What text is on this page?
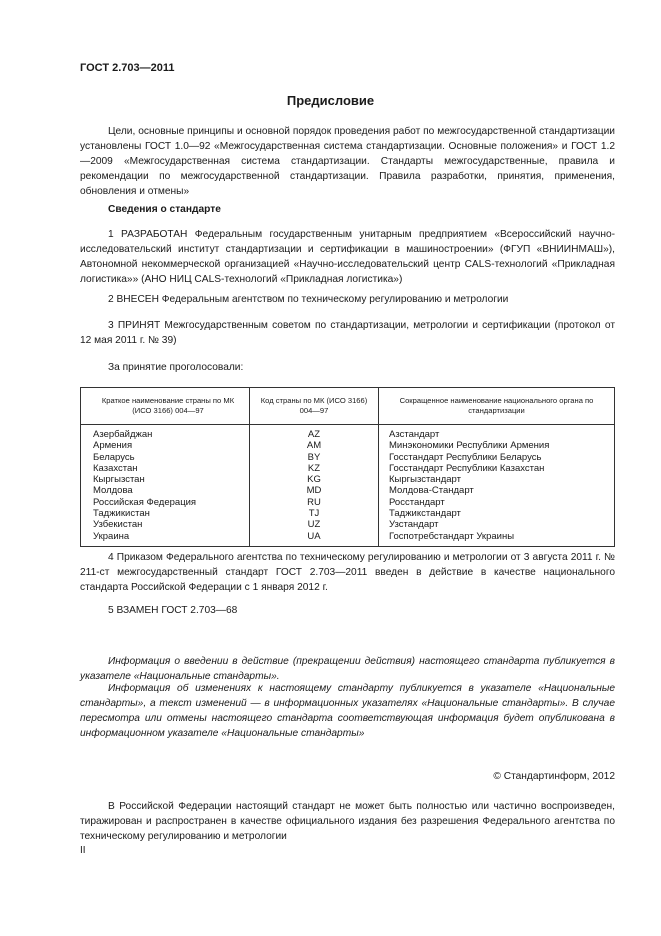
ГОСТ 2.703—2011
Предисловие

Цели, основные принципы и основной порядок проведения работ по межгосударственной стандартизации установлены ГОСТ 1.0—92 «Межгосударственная система стандартизации. Основные положения» и ГОСТ 1.2—2009 «Межгосударственная система стандартизации. Стандарты межгосударственные, правила и рекомендации по межгосударственной стандартизации. Правила разработки, принятия, применения, обновления и отмены»

Сведения о стандарте

1 РАЗРАБОТАН Федеральным государственным унитарным предприятием «Всероссийский научно-исследовательский институт стандартизации и сертификации в машиностроении» (ФГУП «ВНИИНМАШ»), Автономной некоммерческой организацией «Научно-исследовательский центр CALS-технологий «Прикладная логистика»» (АНО НИЦ CALS-технологий «Прикладная логистика»)

2 ВНЕСЕН Федеральным агентством по техническому регулированию и метрологии

3 ПРИНЯТ Межгосударственным советом по стандартизации, метрологии и сертификации (протокол от 12 мая 2011 г. № 39)

За принятие проголосовали:

Краткое наименование страны по МК (ИСО 3166) 004—97	Код страны по МК (ИСО 3166) 004—97	Сокращенное наименование национального органа по стандартизации
Азербайджан	AZ	Азстандарт
Армения	AM	Минэкономики Республики Армения
Беларусь	BY	Госстандарт Республики Беларусь
Казахстан	KZ	Госстандарт Республики Казахстан
Кыргызстан	KG	Кыргызстандарт
Молдова	MD	Молдова-Стандарт
Российская Федерация	RU	Росстандарт
Таджикистан	TJ	Таджикстандарт
Узбекистан	UZ	Узстандарт
Украина	UA	Госпотребстандарт Украины

4 Приказом Федерального агентства по техническому регулированию и метрологии от 3 августа 2011 г. № 211-ст межгосударственный стандарт ГОСТ 2.703—2011 введен в действие в качестве национального стандарта Российской Федерации с 1 января 2012 г.

5 ВЗАМЕН ГОСТ 2.703—68

Информация о введении в действие (прекращении действия) настоящего стандарта публикуется в указателе «Национальные стандарты».

Информация об изменениях к настоящему стандарту публикуется в указателе «Национальные стандарты», а текст изменений — в информационных указателях «Национальные стандарты». В случае пересмотра или отмены настоящего стандарта соответствующая информация будет опубликована в информационном указателе «Национальные стандарты»

© Стандартинформ, 2012

В Российской Федерации настоящий стандарт не может быть полностью или частично воспроизведен, тиражирован и распространен в качестве официального издания без разрешения Федерального агентства по техническому регулированию и метрологии

II
